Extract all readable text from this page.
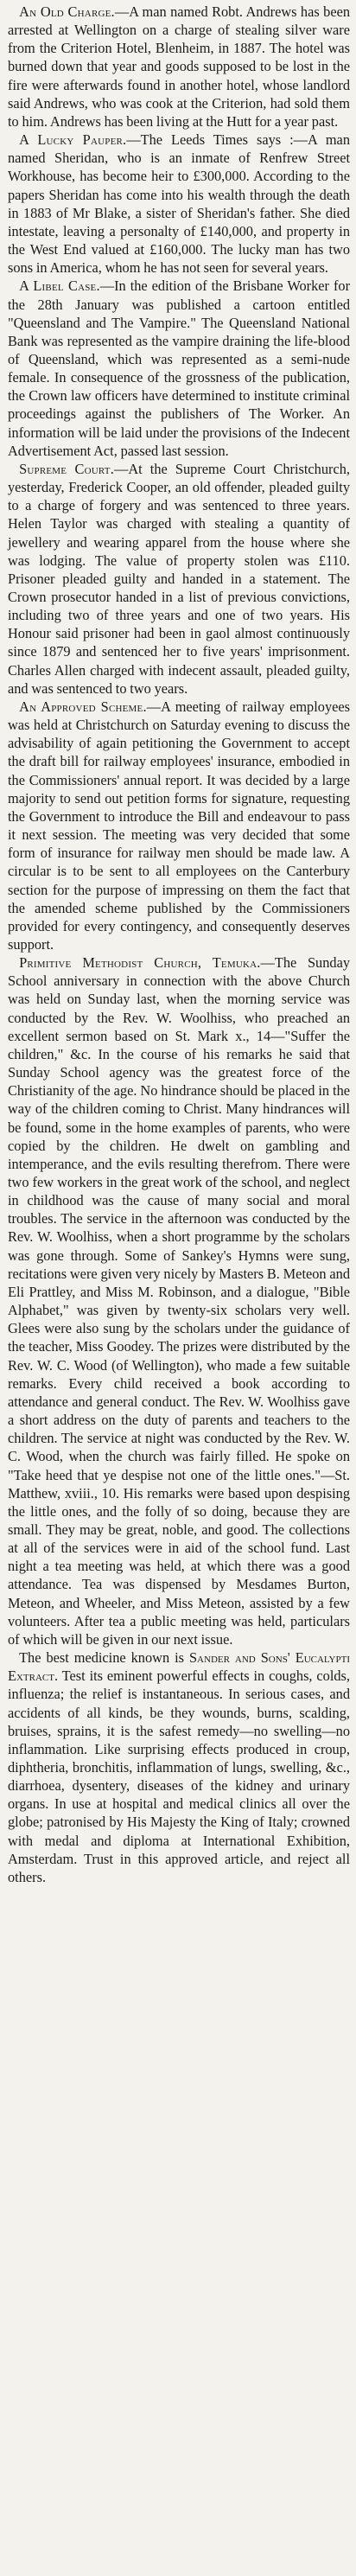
An Old Charge.—A man named Robt. Andrews has been arrested at Wellington on a charge of stealing silver ware from the Criterion Hotel, Blenheim, in 1887. The hotel was burned down that year and goods supposed to be lost in the fire were afterwards found in another hotel, whose landlord said Andrews, who was cook at the Criterion, had sold them to him. Andrews has been living at the Hutt for a year past.

A Lucky Pauper.—The Leeds Times says :—A man named Sheridan, who is an inmate of Renfrew Street Workhouse, has become heir to £300,000. According to the papers Sheridan has come into his wealth through the death in 1883 of Mr Blake, a sister of Sheridan's father. She died intestate, leaving a personalty of £140,000, and property in the West End valued at £160,000. The lucky man has two sons in America, whom he has not seen for several years.

A Libel Case.—In the edition of the Brisbane Worker for the 28th January was published a cartoon entitled "Queensland and The Vampire." The Queensland National Bank was represented as the vampire draining the life-blood of Queensland, which was represented as a semi-nude female. In consequence of the grossness of the publication, the Crown law officers have determined to institute criminal proceedings against the publishers of The Worker. An information will be laid under the provisions of the Indecent Advertisement Act, passed last session.

Supreme Court.—At the Supreme Court Christchurch, yesterday, Frederick Cooper, an old offender, pleaded guilty to a charge of forgery and was sentenced to three years. Helen Taylor was charged with stealing a quantity of jewellery and wearing apparel from the house where she was lodging. The value of property stolen was £110. Prisoner pleaded guilty and handed in a statement. The Crown prosecutor handed in a list of previous convictions, including two of three years and one of two years. His Honour said prisoner had been in gaol almost continuously since 1879 and sentenced her to five years' imprisonment. Charles Allen charged with indecent assault, pleaded guilty, and was sentenced to two years.

An Approved Scheme.—A meeting of railway employees was held at Christchurch on Saturday evening to discuss the advisability of again petitioning the Government to accept the draft bill for railway employees' insurance, embodied in the Commissioners' annual report. It was decided by a large majority to send out petition forms for signature, requesting the Government to introduce the Bill and endeavour to pass it next session. The meeting was very decided that some form of insurance for railway men should be made law. A circular is to be sent to all employees on the Canterbury section for the purpose of impressing on them the fact that the amended scheme published by the Commissioners provided for every contingency, and consequently deserves support.

Primitive Methodist Church, Temuka.—The Sunday School anniversary in connection with the above Church was held on Sunday last, when the morning service was conducted by the Rev. W. Woolhiss, who preached an excellent sermon based on St. Mark x., 14—"Suffer the children," &c. In the course of his remarks he said that Sunday School agency was the greatest force of the Christianity of the age. No hindrance should be placed in the way of the children coming to Christ. Many hindrances will be found, some in the home examples of parents, who were copied by the children. He dwelt on gambling and intemperance, and the evils resulting therefrom. There were two few workers in the great work of the school, and neglect in childhood was the cause of many social and moral troubles. The service in the afternoon was conducted by the Rev. W. Woolhiss, when a short programme by the scholars was gone through. Some of Sankey's Hymns were sung, recitations were given very nicely by Masters B. Meteon and Eli Prattley, and Miss M. Robinson, and a dialogue, "Bible Alphabet," was given by twenty-six scholars very well. Glees were also sung by the scholars under the guidance of the teacher, Miss Goodey. The prizes were distributed by the Rev. W. C. Wood (of Wellington), who made a few suitable remarks. Every child received a book according to attendance and general conduct. The Rev. W. Woolhiss gave a short address on the duty of parents and teachers to the children. The service at night was conducted by the Rev. W. C. Wood, when the church was fairly filled. He spoke on "Take heed that ye despise not one of the little ones."—St. Matthew, xviii., 10. His remarks were based upon despising the little ones, and the folly of so doing, because they are small. They may be great, noble, and good. The collections at all of the services were in aid of the school fund. Last night a tea meeting was held, at which there was a good attendance. Tea was dispensed by Mesdames Burton, Meteon, and Wheeler, and Miss Meteon, assisted by a few volunteers. After tea a public meeting was held, particulars of which will be given in our next issue.

The best medicine known is Sander and Sons' Eucalypti Extract. Test its eminent powerful effects in coughs, colds, influenza; the relief is instantaneous. In serious cases, and accidents of all kinds, be they wounds, burns, scalding, bruises, sprains, it is the safest remedy—no swelling—no inflammation. Like surprising effects produced in croup, diphtheria, bronchitis, inflammation of lungs, swelling, &c., diarrhoea, dysentery, diseases of the kidney and urinary organs. In use at hospital and medical clinics all over the globe; patronised by His Majesty the King of Italy; crowned with medal and diploma at International Exhibition, Amsterdam. Trust in this approved article, and reject all others.
